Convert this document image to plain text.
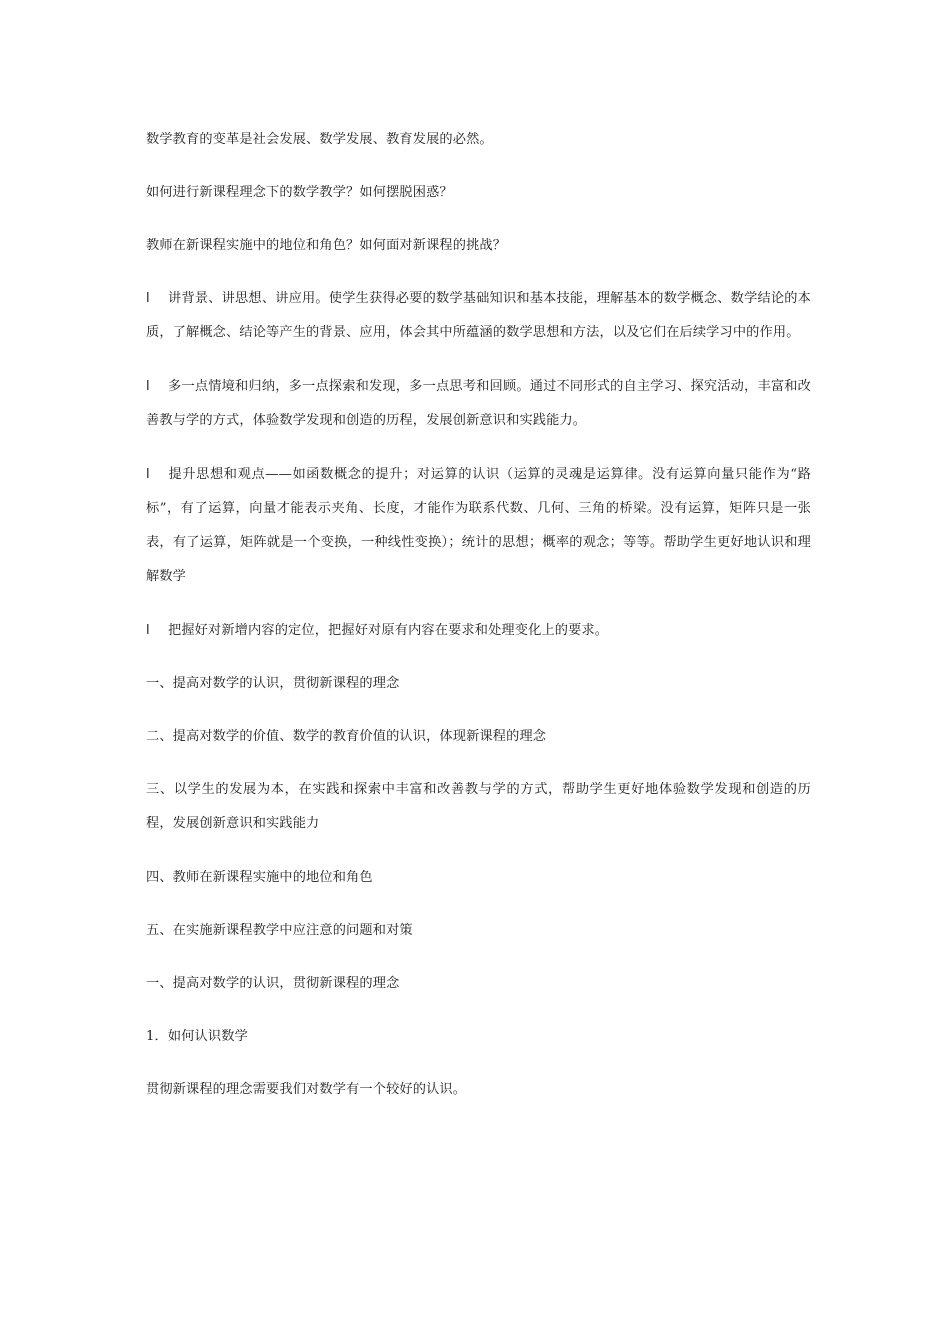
数学教育的变革是社会发展、数学发展、教育发展的必然。

如何进行新课程理念下的数学教学？如何摆脱困惑？

教师在新课程实施中的地位和角色？如何面对新课程的挑战？

l 讲背景、讲思想、讲应用。使学生获得必要的数学基础知识和基本技能，理解基本的数学概念、数学结论的本质，了解概念、结论等产生的背景、应用，体会其中所蕴涵的数学思想和方法，以及它们在后续学习中的作用。

l 多一点情境和归纳，多一点探索和发现，多一点思考和回顾。通过不同形式的自主学习、探究活动，丰富和改善教与学的方式，体验数学发现和创造的历程，发展创新意识和实践能力。

l 提升思想和观点——如函数概念的提升；对运算的认识（运算的灵魂是运算律。没有运算向量只能作为“路标”，有了运算，向量才能表示夹角、长度，才能作为联系代数、几何、三角的桥梁。没有运算，矩阵只是一张表，有了运算，矩阵就是一个变换，一种线性变换）；统计的思想；概率的观念；等等。帮助学生更好地认识和理解数学

l 把握好对新增内容的定位，把握好对原有内容在要求和处理变化上的要求。

一、提高对数学的认识，贯彻新课程的理念

二、提高对数学的价值、数学的教育价值的认识，体现新课程的理念

三、以学生的发展为本，在实践和探索中丰富和改善教与学的方式，帮助学生更好地体验数学发现和创造的历程，发展创新意识和实践能力

四、教师在新课程实施中的地位和角色

五、在实施新课程教学中应注意的问题和对策

一、提高对数学的认识，贯彻新课程的理念

1．如何认识数学

贯彻新课程的理念需要我们对数学有一个较好的认识。
